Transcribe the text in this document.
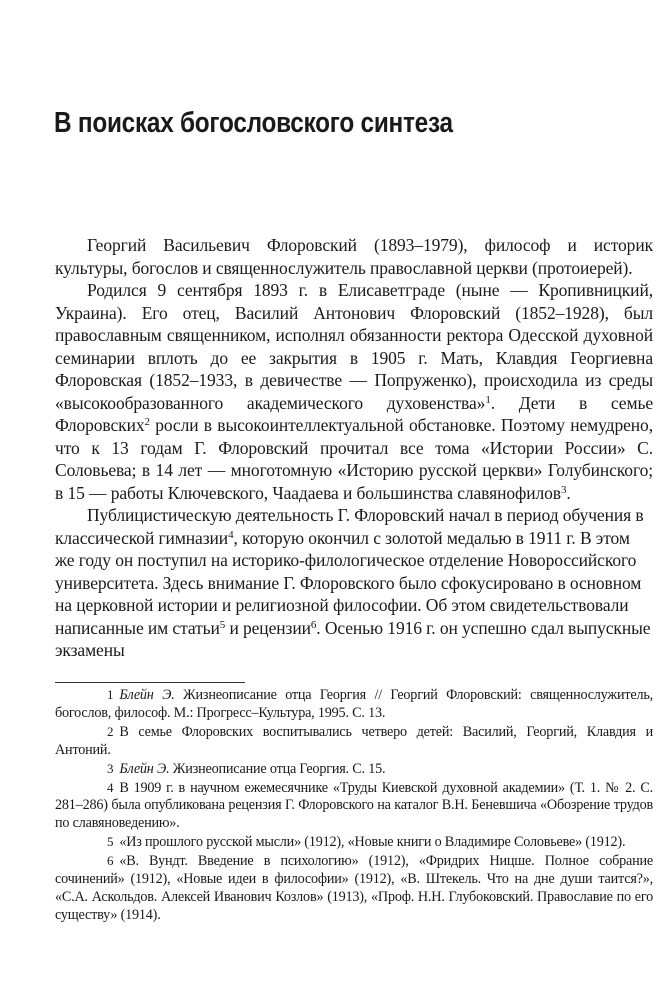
В поисках богословского синтеза

Георгий Васильевич Флоровский (1893–1979), философ и историк культуры, богослов и священнослужитель православной церкви (протоиерей).

Родился 9 сентября 1893 г. в Елисаветграде (ныне — Кропивницкий, Украина). Его отец, Василий Антонович Флоровский (1852–1928), был православным священником, исполнял обязанности ректора Одесской духовной семинарии вплоть до ее закрытия в 1905 г. Мать, Клавдия Георгиевна Флоровская (1852–1933, в девичестве — Попруженко), происходила из среды «высокообразованного академического духовенства»$^1$. Дети в семье Флоровских$^2$ росли в высокоинтеллектуальной обстановке. Поэтому немудрено, что к 13 годам Г. Флоровский прочитал все тома «Истории России» С. Соловьева; в 14 лет — многотомную «Историю русской церкви» Голубинского; в 15 — работы Ключевского, Чаадаева и большинства славянофилов$^3$.

Публицистическую деятельность Г. Флоровский начал в период обучения в классической гимназии$^4$, которую окончил с золотой медалью в 1911 г. В этом же году он поступил на историко-филологическое отделение Новороссийского университета. Здесь внимание Г. Флоровского было сфокусировано в основном на церковной истории и религиозной философии. Об этом свидетельствовали написанные им статьи$^5$ и рецензии$^6$. Осенью 1916 г. он успешно сдал выпускные экзамены

1 Блейн Э. Жизнеописание отца Георгия // Георгий Флоровский: священнослужитель, богослов, философ. М.: Прогресс–Культура, 1995. С. 13.

2 В семье Флоровских воспитывались четверо детей: Василий, Георгий, Клавдия и Антоний.

3 Блейн Э. Жизнеописание отца Георгия. С. 15.

4 В 1909 г. в научном ежемесячнике «Труды Киевской духовной академии» (Т. 1. № 2. С. 281–286) была опубликована рецензия Г. Флоровского на каталог В.Н. Беневшича «Обозрение трудов по славяноведению».

5 «Из прошлого русской мысли» (1912), «Новые книги о Владимире Соловьеве» (1912).

6 «В. Вундт. Введение в психологию» (1912), «Фридрих Ницше. Полное собрание сочинений» (1912), «Новые идеи в философии» (1912), «В. Штекель. Что на дне души таится?», «С.А. Аскольдов. Алексей Иванович Козлов» (1913), «Проф. Н.Н. Глубоковский. Православие по его существу» (1914).
